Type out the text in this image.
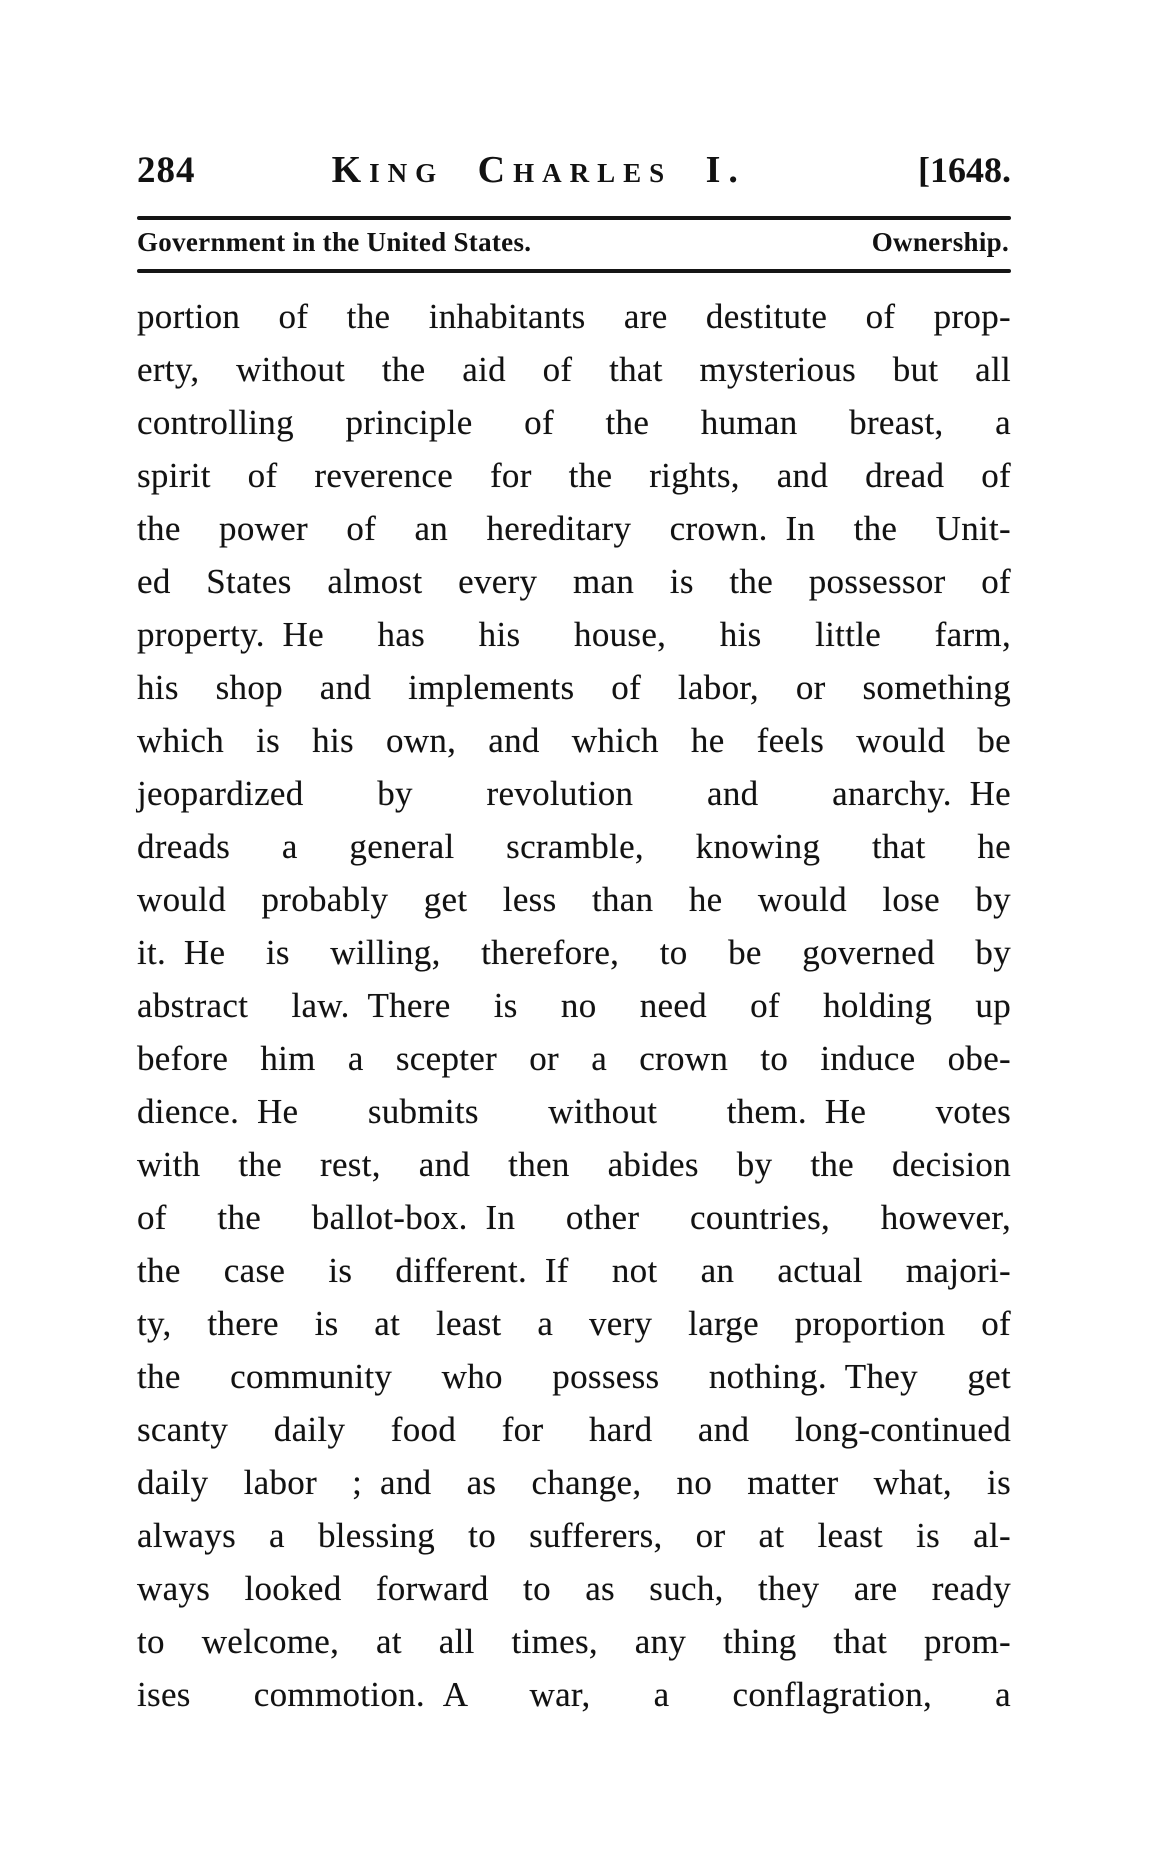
284	King Charles I.	[1648.
Government in the United States.	Ownership.
portion of the inhabitants are destitute of prop-
erty, without the aid of that mysterious but all
controlling principle of the human breast, a
spirit of reverence for the rights, and dread of
the power of an hereditary crown. In the Unit-
ed States almost every man is the possessor of
property. He has his house, his little farm,
his shop and implements of labor, or something
which is his own, and which he feels would be
jeopardized by revolution and anarchy. He
dreads a general scramble, knowing that he
would probably get less than he would lose by
it. He is willing, therefore, to be governed by
abstract law. There is no need of holding up
before him a scepter or a crown to induce obe-
dience. He submits without them. He votes
with the rest, and then abides by the decision
of the ballot-box. In other countries, however,
the case is different. If not an actual majori-
ty, there is at least a very large proportion of
the community who possess nothing. They get
scanty daily food for hard and long-continued
daily labor ; and as change, no matter what, is
always a blessing to sufferers, or at least is al-
ways looked forward to as such, they are ready
to welcome, at all times, any thing that prom-
ises commotion. A war, a conflagration, a
